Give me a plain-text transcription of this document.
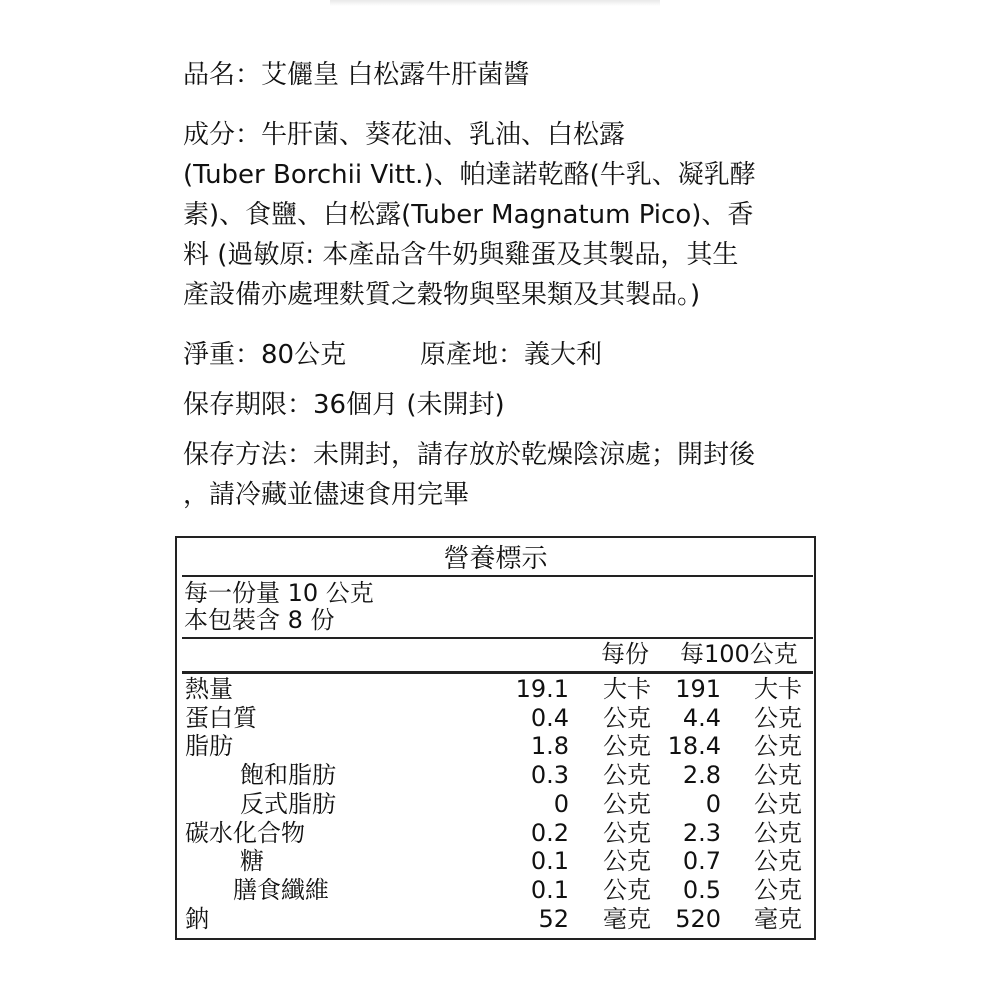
品名：艾儷皇 白松露牛肝菌醬
成分：牛肝菌、葵花油、乳油、白松露
(Tuber Borchii Vitt.)、帕達諾乾酪(牛乳、凝乳酵
素)、食鹽、白松露(Tuber Magnatum Pico)、香
料 (過敏原: 本產品含牛奶與雞蛋及其製品，其生
產設備亦處理麩質之穀物與堅果類及其製品。)
淨重：80公克	原產地：義大利
保存期限：36個月 (未開封)
保存方法：未開封，請存放於乾燥陰涼處；開封後
，請冷藏並儘速食用完畢
營養標示
每一份量 10 公克
本包裝含 8 份
每份 每100公克
熱量	19.1 大卡 191 大卡
蛋白質	0.4 公克 4.4 公克
脂肪	1.8 公克 18.4 公克
飽和脂肪	0.3 公克 2.8 公克
反式脂肪	0 公克 0 公克
碳水化合物	0.2 公克 2.3 公克
糖	0.1 公克 0.7 公克
膳食纖維	0.1 公克 0.5 公克
鈉	52 毫克 520 毫克
